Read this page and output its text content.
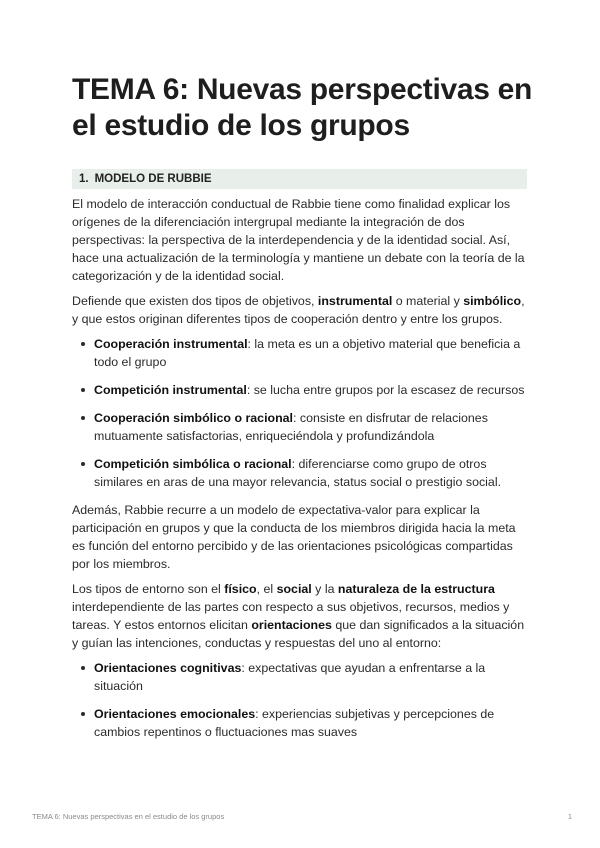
TEMA 6: Nuevas perspectivas en el estudio de los grupos
1. MODELO DE RUBBIE

El modelo de interacción conductual de Rabbie tiene como finalidad explicar los orígenes de la diferenciación intergrupal mediante la integración de dos perspectivas: la perspectiva de la interdependencia y de la identidad social. Así, hace una actualización de la terminología y mantiene un debate con la teoría de la categorización y de la identidad social.

Defiende que existen dos tipos de objetivos, instrumental o material y simbólico, y que estos originan diferentes tipos de cooperación dentro y entre los grupos.

Cooperación instrumental: la meta es un a objetivo material que beneficia a todo el grupo
Competición instrumental: se lucha entre grupos por la escasez de recursos
Cooperación simbólico o racional: consiste en disfrutar de relaciones mutuamente satisfactorias, enriqueciéndola y profundizándola
Competición simbólica o racional: diferenciarse como grupo de otros similares en aras de una mayor relevancia, status social o prestigio social.

Además, Rabbie recurre a un modelo de expectativa-valor para explicar la participación en grupos y que la conducta de los miembros dirigida hacia la meta es función del entorno percibido y de las orientaciones psicológicas compartidas por los miembros.

Los tipos de entorno son el físico, el social y la naturaleza de la estructura interdependiente de las partes con respecto a sus objetivos, recursos, medios y tareas. Y estos entornos elicitan orientaciones que dan significados a la situación y guían las intenciones, conductas y respuestas del uno al entorno:

Orientaciones cognitivas: expectativas que ayudan a enfrentarse a la situación
Orientaciones emocionales: experiencias subjetivas y percepciones de cambios repentinos o fluctuaciones mas suaves
TEMA 6: Nuevas perspectivas en el estudio de los grupos	1
